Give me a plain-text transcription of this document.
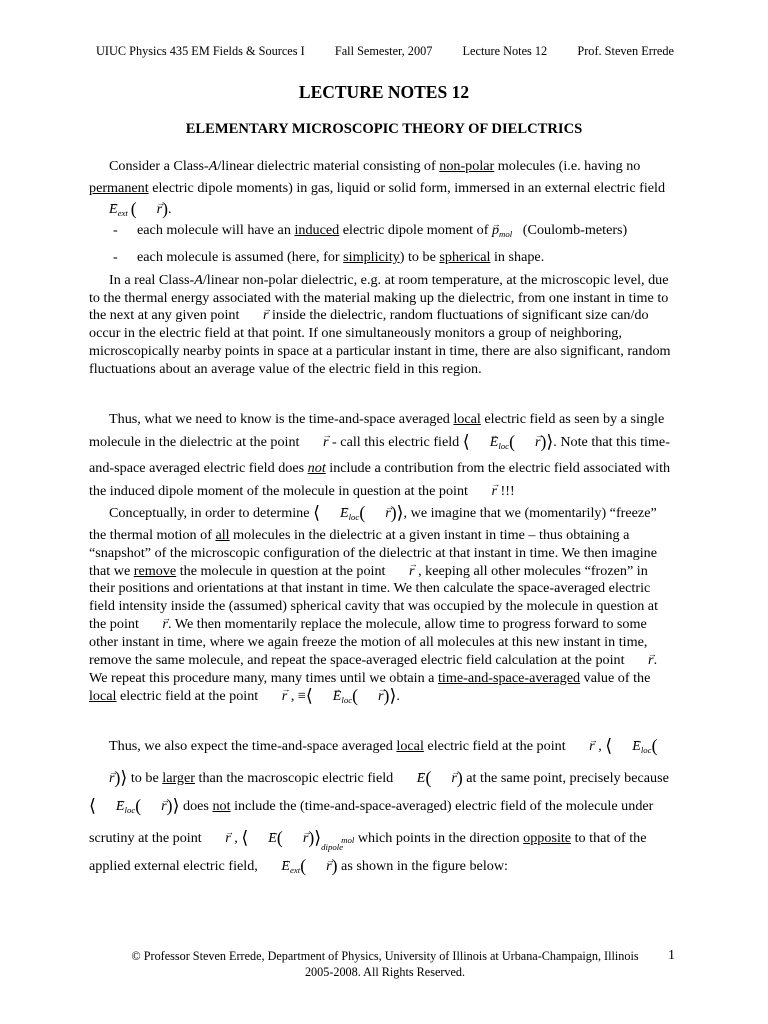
UIUC Physics 435 EM Fields & Sources I Fall Semester, 2007 Lecture Notes 12 Prof. Steven Errede
LECTURE NOTES 12
ELEMENTARY MICROSCOPIC THEORY OF DIELCTRICS

Consider a Class-A/linear dielectric material consisting of non-polar molecules (i.e. having no permanent electric dipole moments) in gas, liquid or solid form, immersed in an external electric field → $E_{ext}$  (→ r).

-	each molecule will have an induced electric dipole moment of → $p_{mol}$   (Coulomb-meters)
-	each molecule is assumed (here, for simplicity) to be spherical in shape.

In a real Class-A/linear non-polar dielectric, e.g. at room temperature, at the microscopic level, due to the thermal energy associated with the material making up the dielectric, from one instant in time to the next at any given point → r inside the dielectric, random fluctuations of significant size can/do occur in the electric field at that point. If one simultaneously monitors a group of neighboring, microscopically nearby points in space at a particular instant in time, there are also significant, random fluctuations about an average value of the electric field in this region.

Thus, what we need to know is the time-and-space averaged local electric field as seen by a single molecule in the dielectric at the point → r - call this electric field ⟨→ $E_{loc}(\to$ r)⟩. Note that this time-and-space averaged electric field does not include a contribution from the electric field associated with the induced dipole moment of the molecule in question at the point → r !!!

Conceptually, in order to determine ⟨→ $E_{loc}(\to$ r)⟩, we imagine that we (momentarily) “freeze” the thermal motion of all molecules in the dielectric at a given instant in time – thus obtaining a “snapshot” of the microscopic configuration of the dielectric at that instant in time. We then imagine that we remove the molecule in question at the point → r , keeping all other molecules “frozen” in their positions and orientations at that instant in time. We then calculate the space-averaged electric field intensity inside the (assumed) spherical cavity that was occupied by the molecule in question at the point → r. We then momentarily replace the molecule, allow time to progress forward to some other instant in time, where we again freeze the motion of all molecules at this new instant in time, remove the same molecule, and repeat the space-averaged electric field calculation at the point → r. We repeat this procedure many, many times until we obtain a time-and-space-averaged value of the local electric field at the point → r , ≡⟨→ $E_{loc}(\to$ r)⟩.

Thus, we also expect the time-and-space averaged local electric field at the point → r , ⟨→ $E_{loc}(\to$ r)⟩ to be larger than the macroscopic electric field → E(→ r) at the same point, precisely because ⟨→ $E_{loc}(\to$ r)⟩ does not include the (time-and-space-averaged) electric field of the molecule under scrutiny at the point → r , ⟨→ E(→ r)⟩ mol
dipole which points in the direction opposite to that of the applied external electric field, → $E_{ext}(\to r)$ as shown in the figure below:

© Professor Steven Errede, Department of Physics, University of Illinois at Urbana-Champaign, Illinois
2005-2008. All Rights Reserved.
1
